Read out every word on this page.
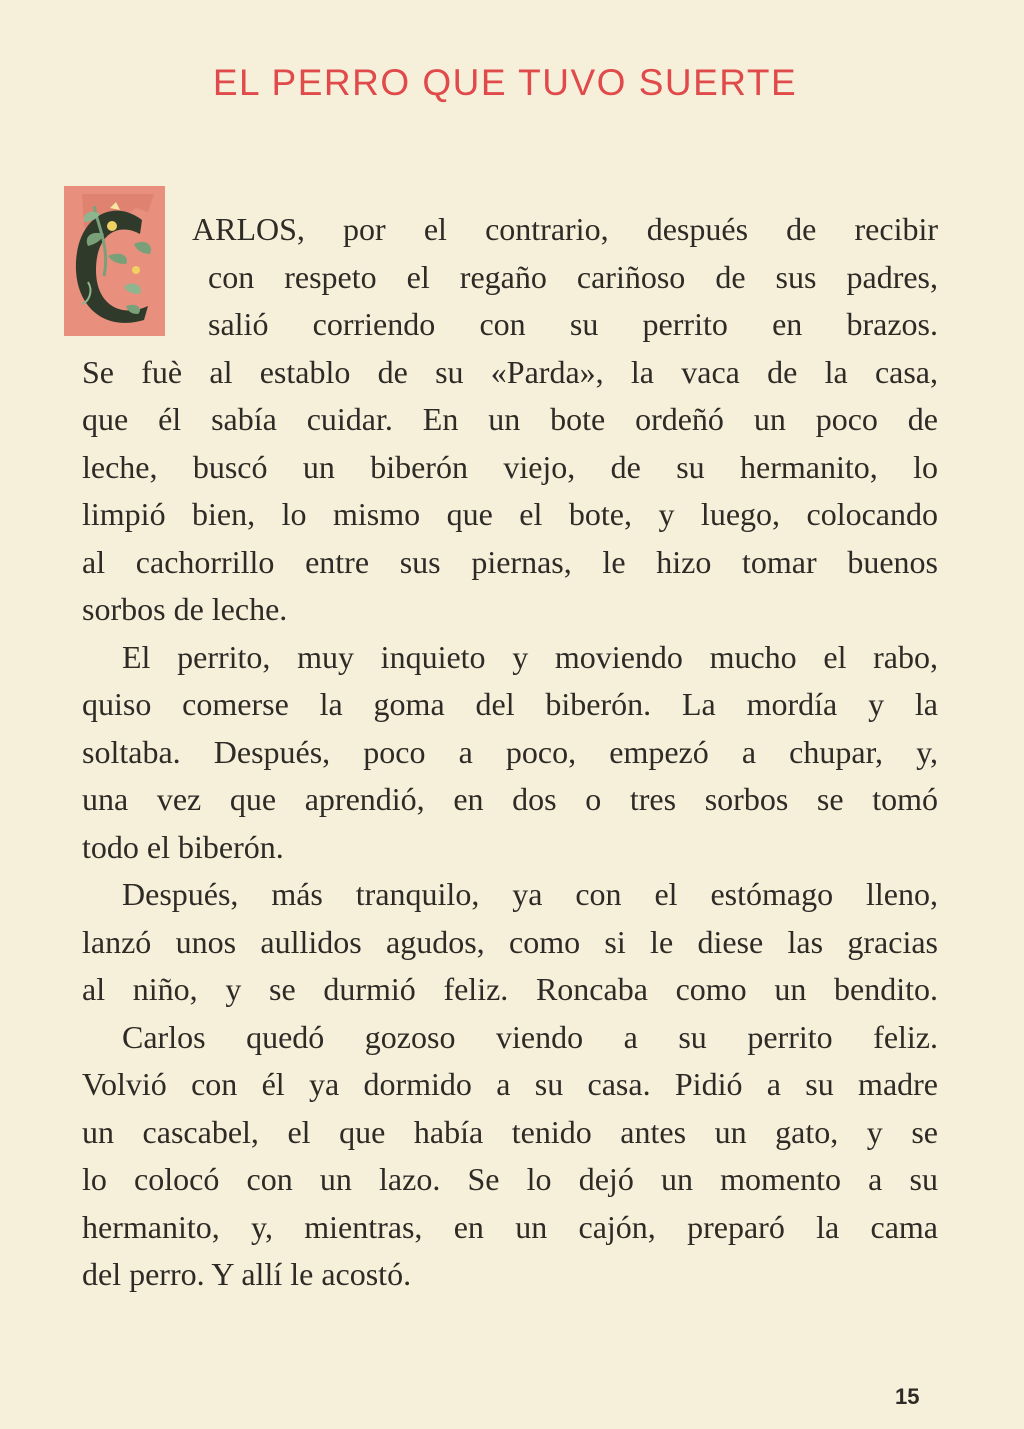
EL PERRO QUE TUVO SUERTE
ARLOS, por el contrario, después de recibir
con respeto el regaño cariñoso de sus padres,
salió corriendo con su perrito en brazos.
Se fuè al establo de su «Parda», la vaca de la casa,
que él sabía cuidar. En un bote ordeñó un poco de
leche, buscó un biberón viejo, de su hermanito, lo
limpió bien, lo mismo que el bote, y luego, colocando
al cachorrillo entre sus piernas, le hizo tomar buenos
sorbos de leche.
El perrito, muy inquieto y moviendo mucho el rabo,
quiso comerse la goma del biberón. La mordía y la
soltaba. Después, poco a poco, empezó a chupar, y,
una vez que aprendió, en dos o tres sorbos se tomó
todo el biberón.
Después, más tranquilo, ya con el estómago lleno,
lanzó unos aullidos agudos, como si le diese las gracias
al niño, y se durmió feliz. Roncaba como un bendito.
Carlos quedó gozoso viendo a su perrito feliz.
Volvió con él ya dormido a su casa. Pidió a su madre
un cascabel, el que había tenido antes un gato, y se
lo colocó con un lazo. Se lo dejó un momento a su
hermanito, y, mientras, en un cajón, preparó la cama
del perro. Y allí le acostó.
15
